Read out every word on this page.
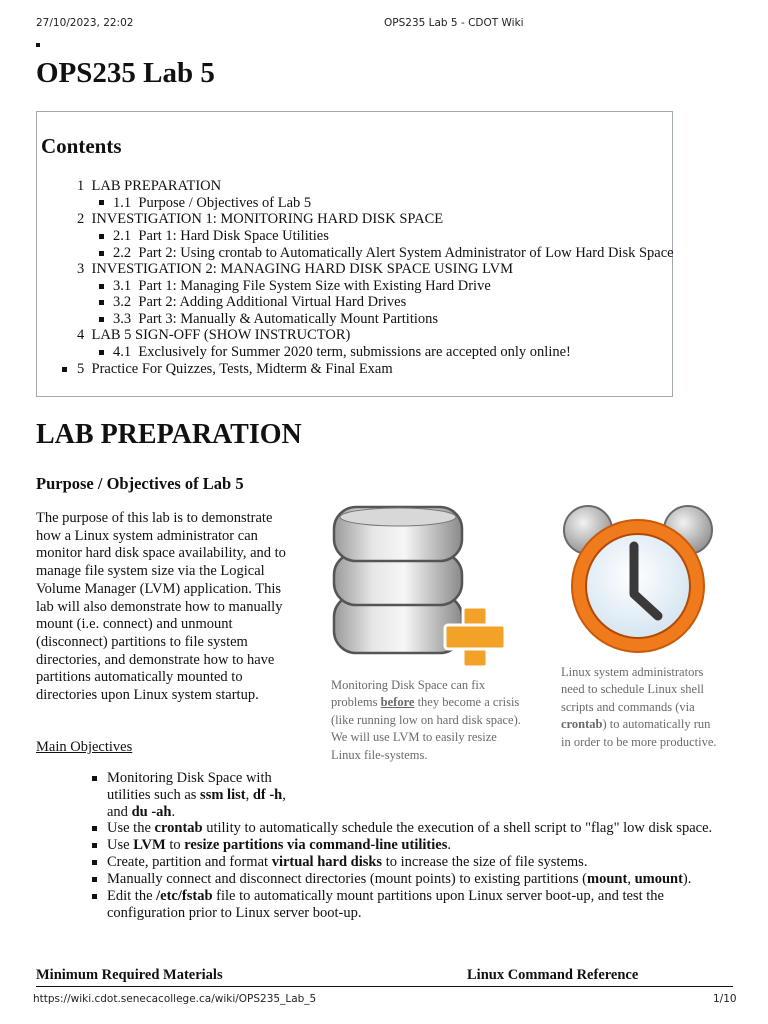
27/10/2023, 22:02	OPS235 Lab 5 - CDOT Wiki
OPS235 Lab 5
Contents
1 LAB PREPARATION
1.1 Purpose / Objectives of Lab 5
2 INVESTIGATION 1: MONITORING HARD DISK SPACE
2.1 Part 1: Hard Disk Space Utilities
2.2 Part 2: Using crontab to Automatically Alert System Administrator of Low Hard Disk Space
3 INVESTIGATION 2: MANAGING HARD DISK SPACE USING LVM
3.1 Part 1: Managing File System Size with Existing Hard Drive
3.2 Part 2: Adding Additional Virtual Hard Drives
3.3 Part 3: Manually & Automatically Mount Partitions
4 LAB 5 SIGN-OFF (SHOW INSTRUCTOR)
4.1 Exclusively for Summer 2020 term, submissions are accepted only online!
5 Practice For Quizzes, Tests, Midterm & Final Exam
LAB PREPARATION
Purpose / Objectives of Lab 5
The purpose of this lab is to demonstrate how a Linux system administrator can monitor hard disk space availability, and to manage file system size via the Logical Volume Manager (LVM) application. This lab will also demonstrate how to manually mount (i.e. connect) and unmount (disconnect) partitions to file system directories, and demonstrate how to have partitions automatically mounted to directories upon Linux system startup.
Monitoring Disk Space can fix problems before they become a crisis (like running low on hard disk space). We will use LVM to easily resize Linux file-systems.
Linux system administrators need to schedule Linux shell scripts and commands (via crontab) to automatically run in order to be more productive.
Main Objectives
Monitoring Disk Space with
utilities such as ssm list, df -h,
and du -ah.
Use the crontab utility to automatically schedule the execution of a shell script to "flag" low disk space.
Use LVM to resize partitions via command-line utilities.
Create, partition and format virtual hard disks to increase the size of file systems.
Manually connect and disconnect directories (mount points) to existing partitions (mount, umount).
Edit the /etc/fstab file to automatically mount partitions upon Linux server boot-up, and test the
configuration prior to Linux server boot-up.
Minimum Required Materials	Linux Command Reference
https://wiki.cdot.senecacollege.ca/wiki/OPS235_Lab_5	1/10
